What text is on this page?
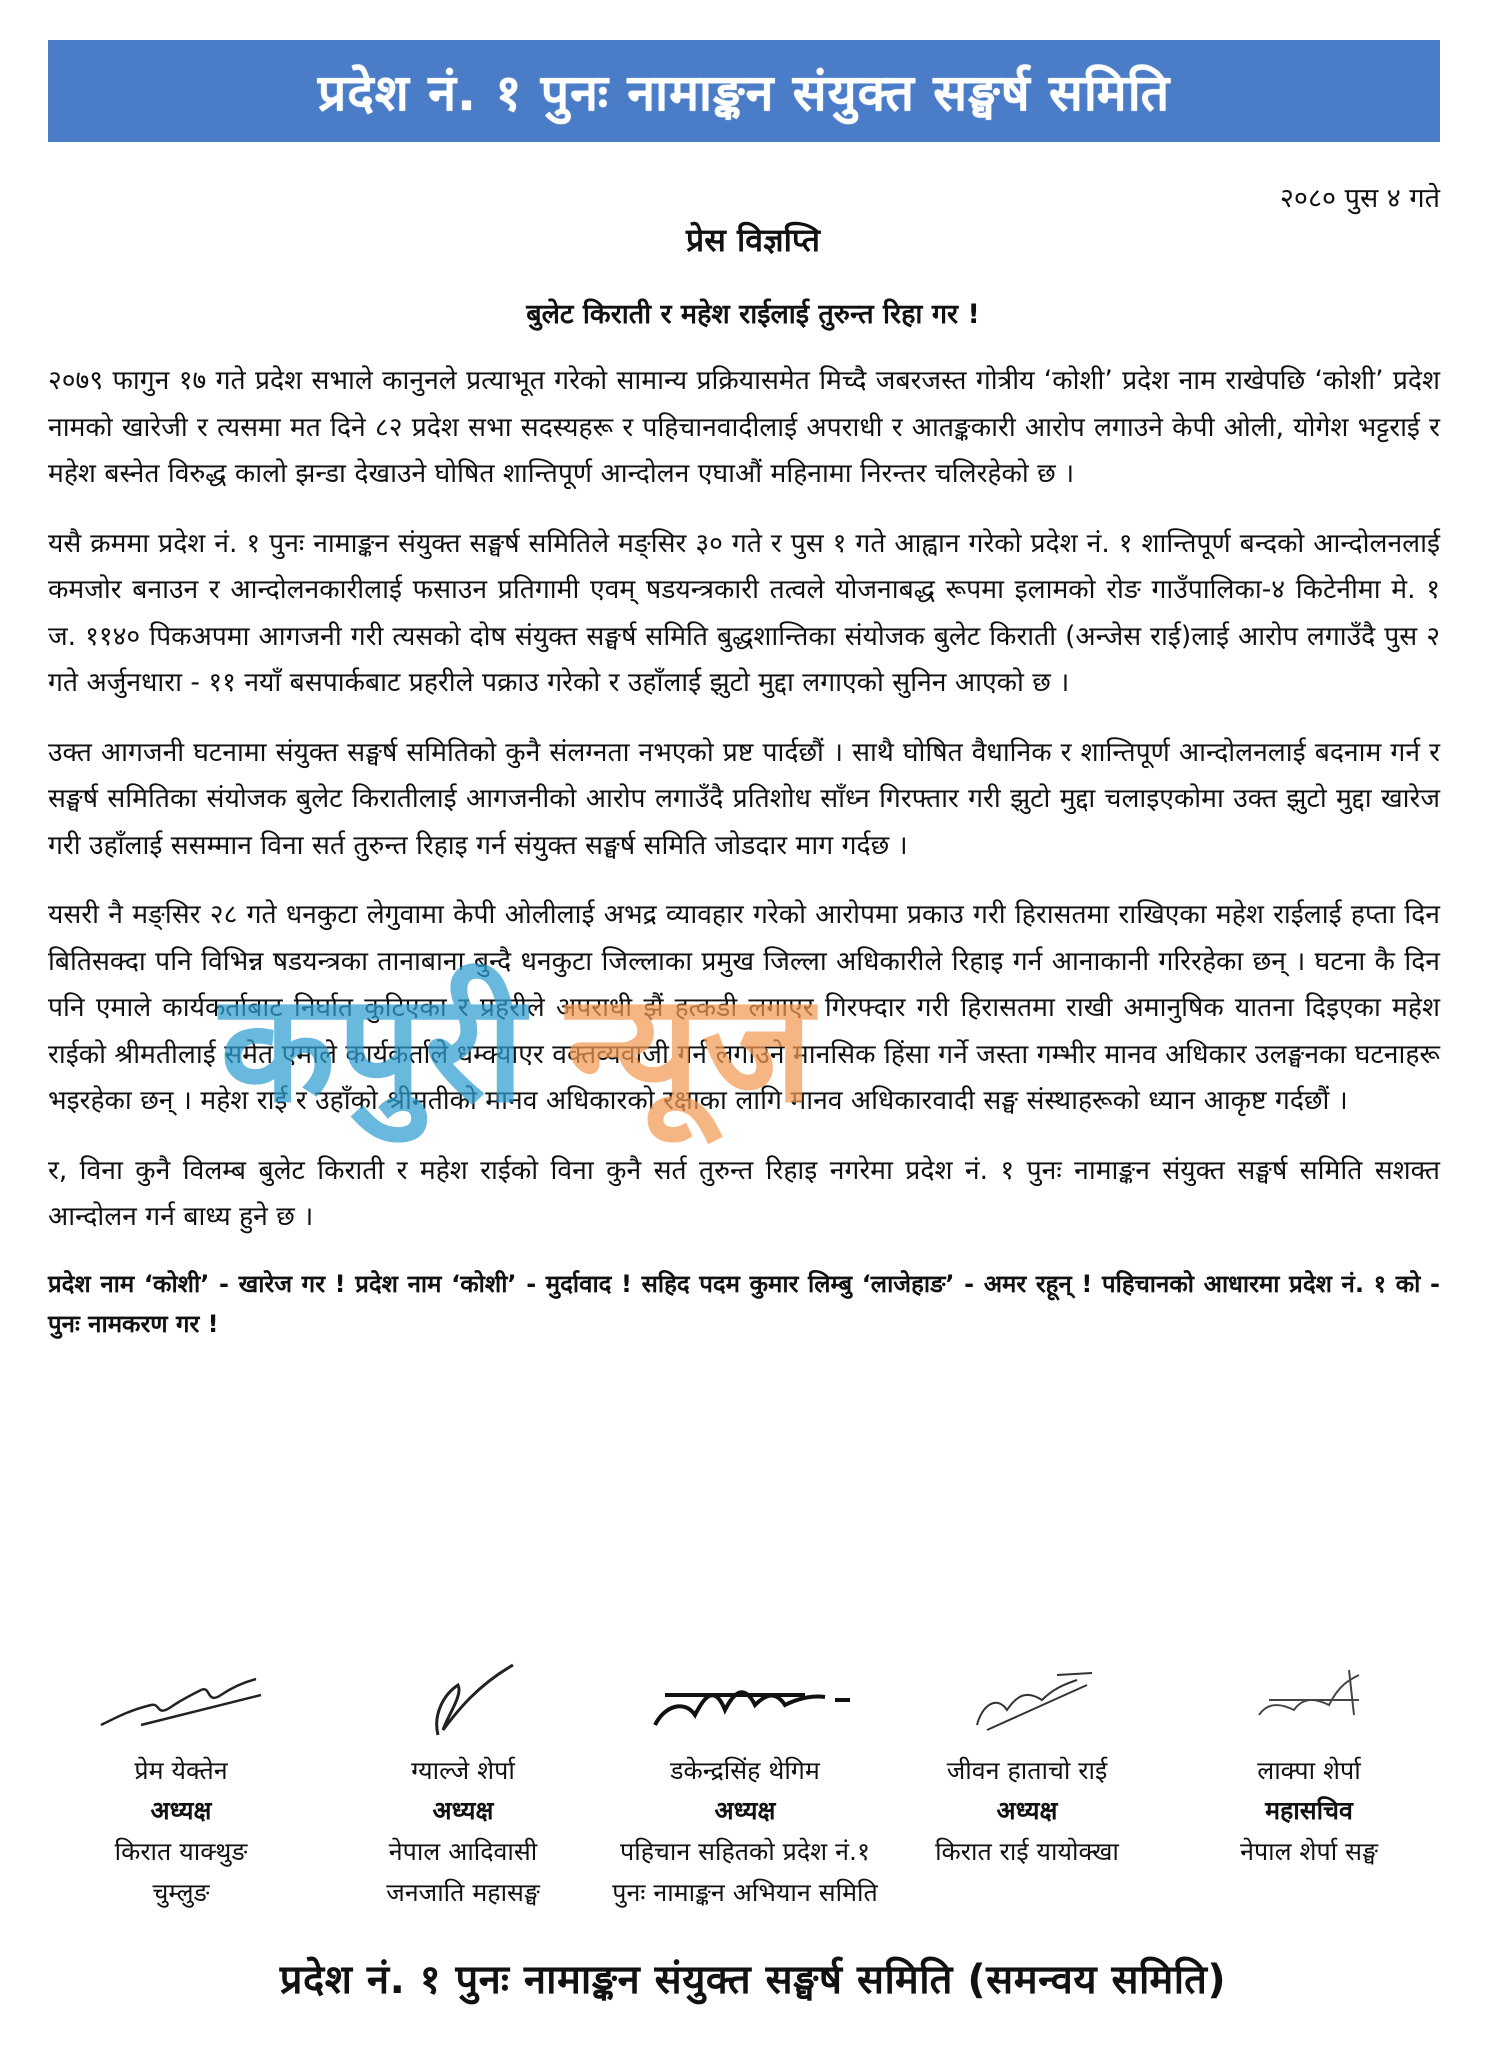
प्रदेश नं. १ पुनः नामाङ्कन संयुक्त सङ्घर्ष समिति
२०८० पुस ४ गते
प्रेस विज्ञप्ति
बुलेट किराती र महेश राईलाई तुरुन्त रिहा गर !

२०७९ फागुन १७ गते प्रदेश सभाले कानुनले प्रत्याभूत गरेको सामान्य प्रक्रियासमेत मिच्दै जबरजस्त गोत्रीय ‘कोशी’ प्रदेश नाम राखेपछि ‘कोशी’ प्रदेश नामको खारेजी र त्यसमा मत दिने ८२ प्रदेश सभा सदस्यहरू र पहिचानवादीलाई अपराधी र आतङ्ककारी आरोप लगाउने केपी ओली, योगेश भट्टराई र महेश बस्नेत विरुद्ध कालो झन्डा देखाउने घोषित शान्तिपूर्ण आन्दोलन एघाऔं महिनामा निरन्तर चलिरहेको छ ।

यसै क्रममा प्रदेश नं. १ पुनः नामाङ्कन संयुक्त सङ्घर्ष समितिले मङ्सिर ३० गते र पुस १ गते आह्वान गरेको प्रदेश नं. १ शान्तिपूर्ण बन्दको आन्दोलनलाई कमजोर बनाउन र आन्दोलनकारीलाई फसाउन प्रतिगामी एवम् षडयन्त्रकारी तत्वले योजनाबद्ध रूपमा इलामको रोङ गाउँपालिका-४ किटेनीमा मे. १ ज. ११४० पिकअपमा आगजनी गरी त्यसको दोष संयुक्त सङ्घर्ष समिति बुद्धशान्तिका संयोजक बुलेट किराती (अन्जेस राई)लाई आरोप लगाउँदै पुस २ गते अर्जुनधारा - ११ नयाँ बसपार्कबाट प्रहरीले पक्राउ गरेको र उहाँलाई झुटो मुद्दा लगाएको सुनिन आएको छ ।

उक्त आगजनी घटनामा संयुक्त सङ्घर्ष समितिको कुनै संलग्नता नभएको प्रष्ट पार्दछौं । साथै घोषित वैधानिक र शान्तिपूर्ण आन्दोलनलाई बदनाम गर्न र सङ्घर्ष समितिका संयोजक बुलेट किरातीलाई आगजनीको आरोप लगाउँदै प्रतिशोध साँध्न गिरफ्तार गरी झुटो मुद्दा चलाइएकोमा उक्त झुटो मुद्दा खारेज गरी उहाँलाई ससम्मान विना सर्त तुरुन्त रिहाइ गर्न संयुक्त सङ्घर्ष समिति जोडदार माग गर्दछ ।

यसरी नै मङ्सिर २८ गते धनकुटा लेगुवामा केपी ओलीलाई अभद्र व्यावहार गरेको आरोपमा प्रकाउ गरी हिरासतमा राखिएका महेश राईलाई हप्ता दिन बितिसक्दा पनि विभिन्न षडयन्त्रका तानाबाना बुन्दै धनकुटा जिल्लाका प्रमुख जिल्ला अधिकारीले रिहाइ गर्न आनाकानी गरिरहेका छन् । घटना कै दिन पनि एमाले कार्यकर्ताबाट निर्घात कुटिएका र प्रहरीले अपराधी झैं हत्कडी लगाएर गिरफ्दार गरी हिरासतमा राखी अमानुषिक यातना दिइएका महेश राईको श्रीमतीलाई समेत एमाले कार्यकर्ताले धम्क्याएर वक्तव्यवाजी गर्न लगाउने मानसिक हिंसा गर्ने जस्ता गम्भीर मानव अधिकार उलङ्घनका घटनाहरू भइरहेका छन् । महेश राई र उहाँको श्रीमतीको मानव अधिकारको रक्षाका लागि मानव अधिकारवादी सङ्घ संस्थाहरूको ध्यान आकृष्ट गर्दछौं ।

र, विना कुनै विलम्ब बुलेट किराती र महेश राईको विना कुनै सर्त तुरुन्त रिहाइ नगरेमा प्रदेश नं. १ पुनः नामाङ्कन संयुक्त सङ्घर्ष समिति सशक्त आन्दोलन गर्न बाध्य हुने छ ।

प्रदेश नाम ‘कोशी’ - खारेज गर ! प्रदेश नाम ‘कोशी’ - मुर्दावाद ! सहिद पदम कुमार लिम्बु ‘लाजेहाङ’ - अमर रहून् ! पहिचानको आधारमा प्रदेश नं. १ को - पुनः नामकरण गर !
कपुरी न्यूज
प्रेम येक्तेन
अध्यक्ष
किरात याक्थुङ
चुम्लुङ
ग्याल्जे शेर्पा
अध्यक्ष
नेपाल आदिवासी
जनजाति महासङ्घ
डकेन्द्रसिंह थेगिम
अध्यक्ष
पहिचान सहितको प्रदेश नं.१
पुनः नामाङ्कन अभियान समिति
जीवन हाताचो राई
अध्यक्ष
किरात राई यायोक्खा
लाक्पा शेर्पा
महासचिव
नेपाल शेर्पा सङ्घ
प्रदेश नं. १ पुनः नामाङ्कन संयुक्त सङ्घर्ष समिति (समन्वय समिति)
